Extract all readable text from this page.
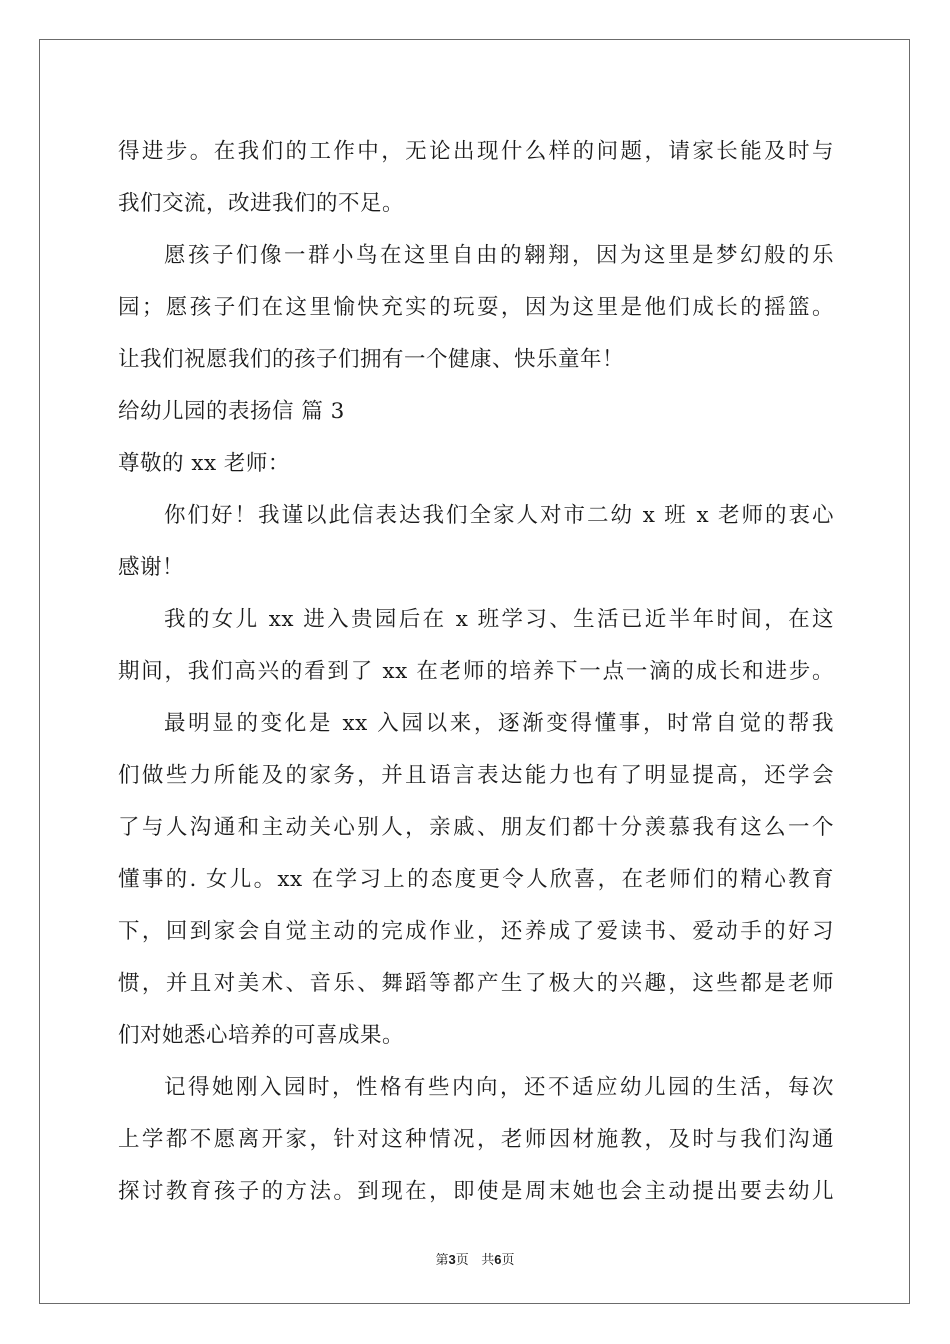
得进步。在我们的工作中，无论出现什么样的问题，请家长能及时与
我们交流，改进我们的不足。
愿孩子们像一群小鸟在这里自由的翱翔，因为这里是梦幻般的乐
园；愿孩子们在这里愉快充实的玩耍，因为这里是他们成长的摇篮。
让我们祝愿我们的孩子们拥有一个健康、快乐童年！
给幼儿园的表扬信 篇 3
尊敬的 xx 老师：
你们好！我谨以此信表达我们全家人对市二幼 x 班 x 老师的衷心
感谢！
我的女儿 xx 进入贵园后在 x 班学习、生活已近半年时间，在这
期间，我们高兴的看到了 xx 在老师的培养下一点一滴的成长和进步。
最明显的变化是 xx 入园以来，逐渐变得懂事，时常自觉的帮我
们做些力所能及的家务，并且语言表达能力也有了明显提高，还学会
了与人沟通和主动关心别人，亲戚、朋友们都十分羡慕我有这么一个
懂事的. 女儿。xx 在学习上的态度更令人欣喜，在老师们的精心教育
下，回到家会自觉主动的完成作业，还养成了爱读书、爱动手的好习
惯，并且对美术、音乐、舞蹈等都产生了极大的兴趣，这些都是老师
们对她悉心培养的可喜成果。
记得她刚入园时，性格有些内向，还不适应幼儿园的生活，每次
上学都不愿离开家，针对这种情况，老师因材施教，及时与我们沟通
探讨教育孩子的方法。到现在，即使是周末她也会主动提出要去幼儿
第3页 共6页
